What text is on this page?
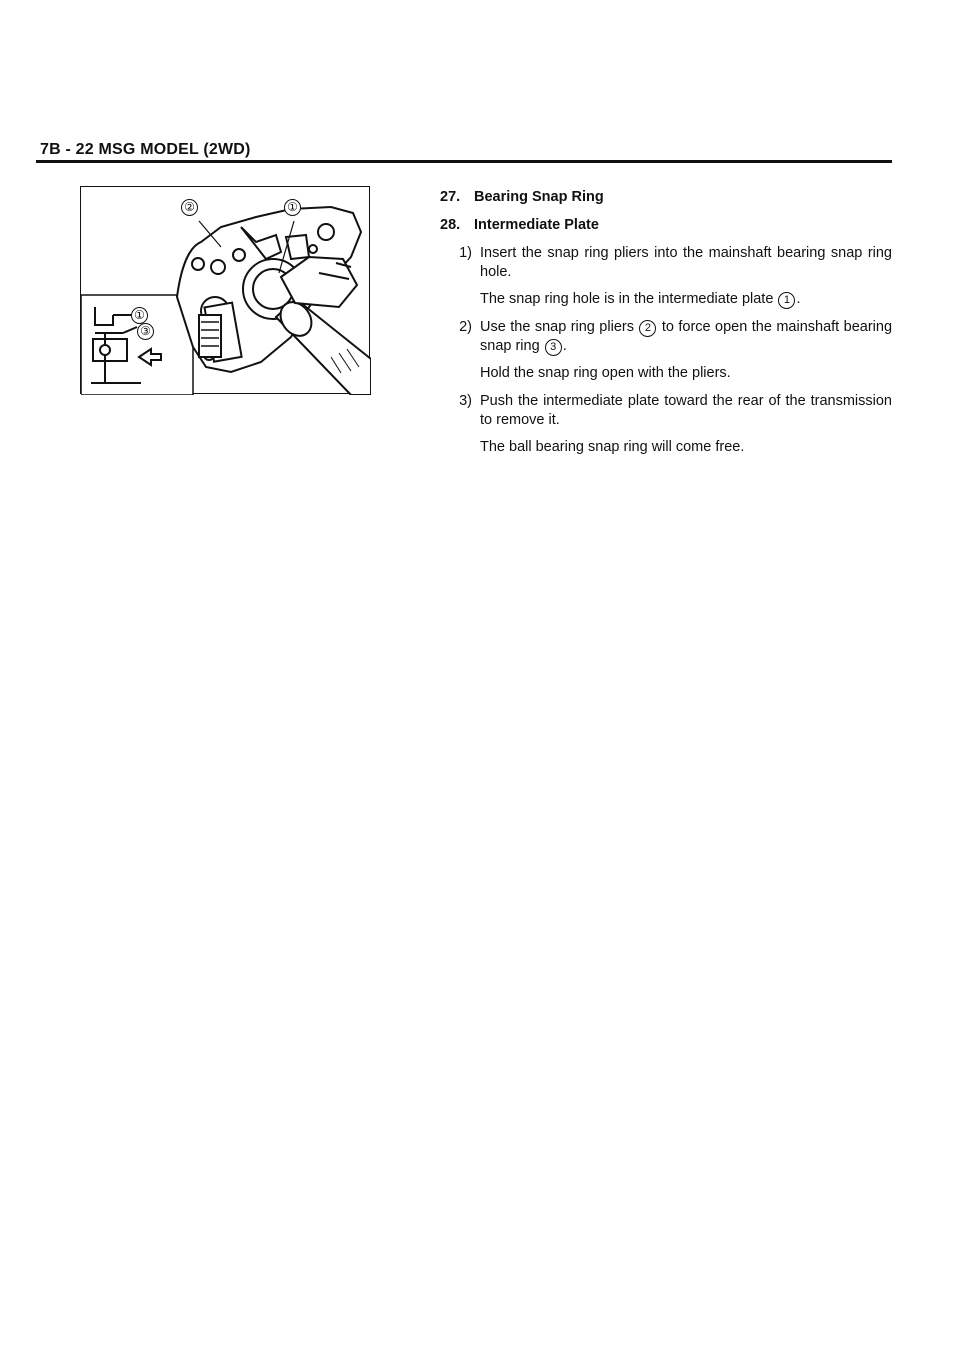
7B - 22 MSG MODEL (2WD)
②	①
①
③
27. Bearing Snap Ring
28. Intermediate Plate
1) Insert the snap ring pliers into the mainshaft bearing snap ring hole.
The snap ring hole is in the intermediate plate 1 .
2) Use the snap ring pliers 2 to force open the mainshaft bearing snap ring 3 .
Hold the snap ring open with the pliers.
3) Push the intermediate plate toward the rear of the transmission to remove it.
The ball bearing snap ring will come free.
